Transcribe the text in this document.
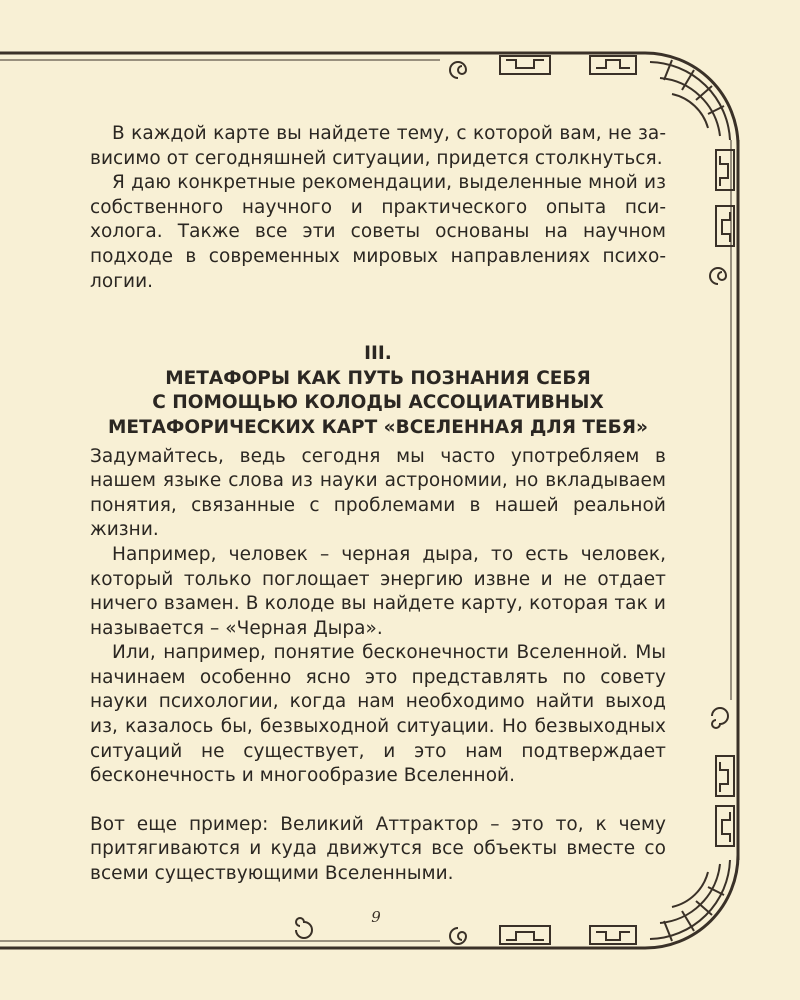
В каждой карте вы найдете тему, с которой вам, не зависимо от сегодняшней ситуации, придется столкнуться.

Я даю конкретные рекомендации, выделенные мной из собственного научного и практического опыта психолога. Также все эти советы основаны на научном подходе в современных мировых направлениях психологии.

III.
МЕТАФОРЫ КАК ПУТЬ ПОЗНАНИЯ СЕБЯ
С ПОМОЩЬЮ КОЛОДЫ АССОЦИАТИВНЫХ
МЕТАФОРИЧЕСКИХ КАРТ «ВСЕЛЕННАЯ ДЛЯ ТЕБЯ»

Задумайтесь, ведь сегодня мы часто употребляем в нашем языке слова из науки астрономии, но вкладываем понятия, связанные с проблемами в нашей реальной жизни.

Например, человек – черная дыра, то есть человек, который только поглощает энергию извне и не отдает ничего взамен. В колоде вы найдете карту, которая так и называется – «Черная Дыра».

Или, например, понятие бесконечности Вселенной. Мы начинаем особенно ясно это представлять по совету науки психологии, когда нам необходимо найти выход из, казалось бы, безвыходной ситуации. Но безвыходных ситуаций не существует, и это нам подтверждает бесконечность и многообразие Вселенной.

Вот еще пример: Великий Аттрактор – это то, к чему притягиваются и куда движутся все объекты вместе со всеми существующими Вселенными.

9
